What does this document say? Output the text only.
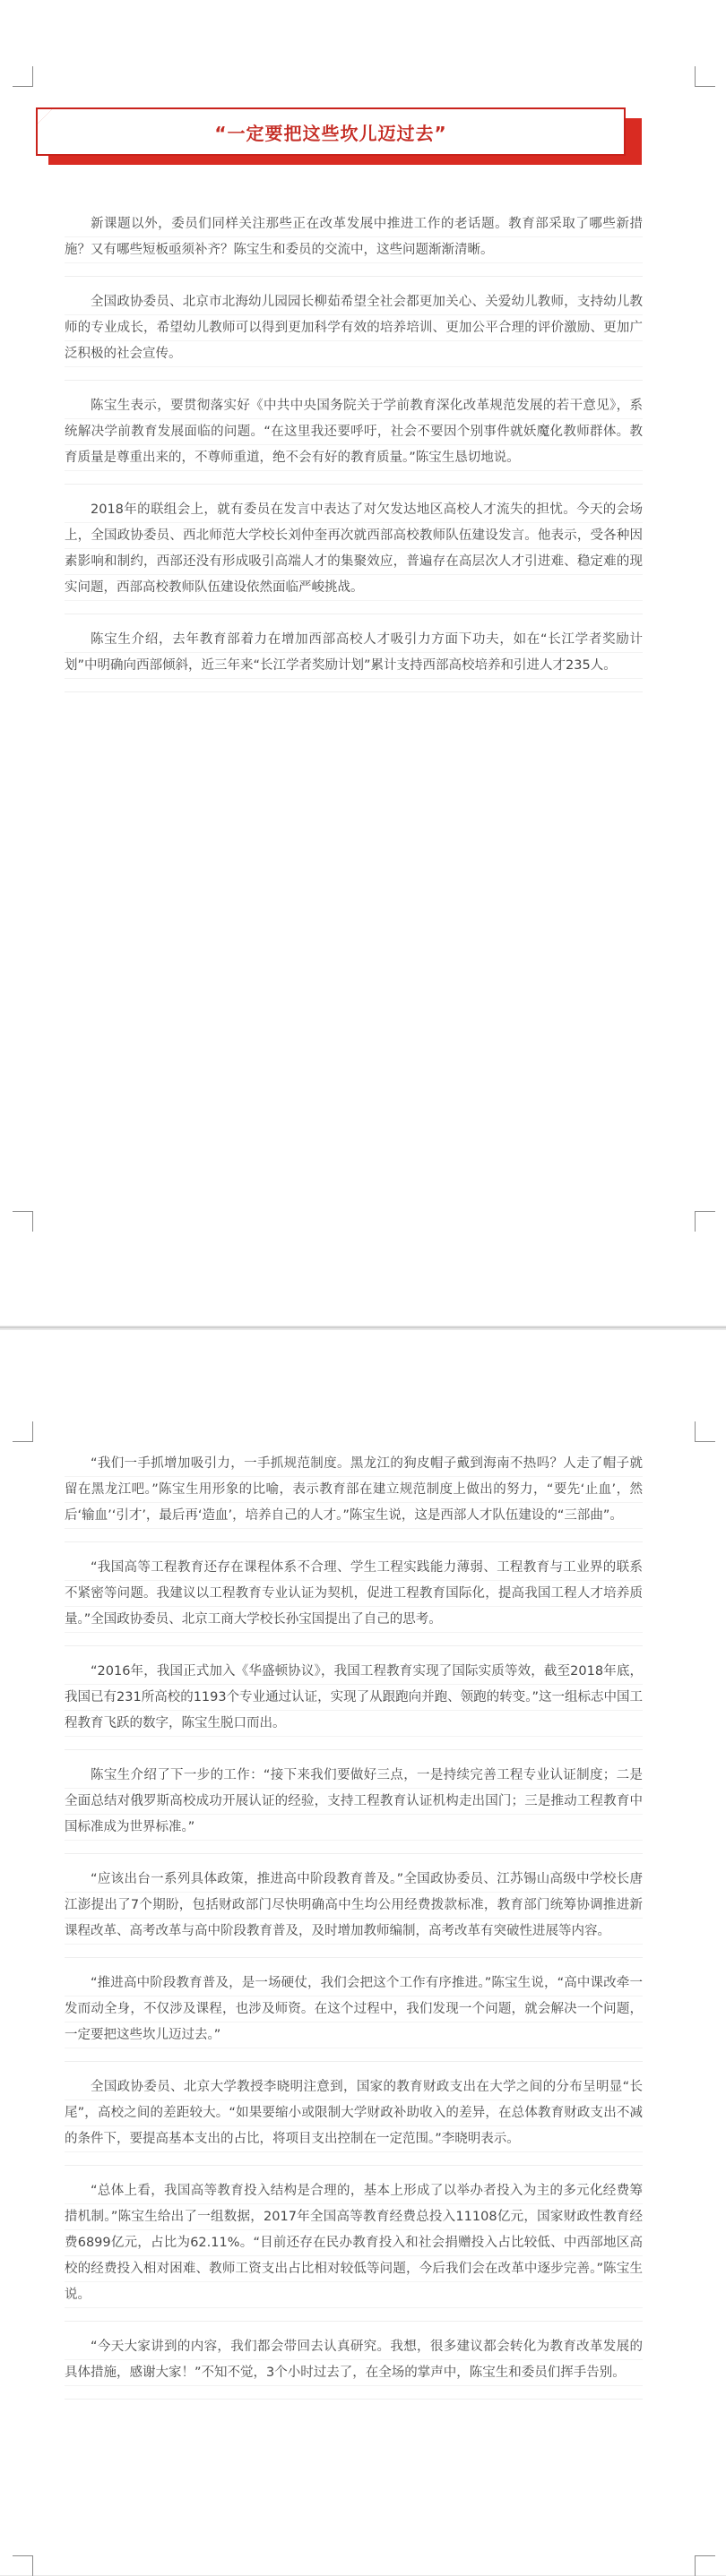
“一定要把这些坎儿迈过去”

新课题以外，委员们同样关注那些正在改革发展中推进工作的老话题。教育部采取了哪些新措施？又有哪些短板亟须补齐？陈宝生和委员的交流中，这些问题渐渐清晰。

全国政协委员、北京市北海幼儿园园长柳茹希望全社会都更加关心、关爱幼儿教师，支持幼儿教师的专业成长，希望幼儿教师可以得到更加科学有效的培养培训、更加公平合理的评价激励、更加广泛积极的社会宣传。

陈宝生表示，要贯彻落实好《中共中央国务院关于学前教育深化改革规范发展的若干意见》，系统解决学前教育发展面临的问题。“在这里我还要呼吁，社会不要因个别事件就妖魔化教师群体。教育质量是尊重出来的，不尊师重道，绝不会有好的教育质量。”陈宝生恳切地说。

2018年的联组会上，就有委员在发言中表达了对欠发达地区高校人才流失的担忧。今天的会场上，全国政协委员、西北师范大学校长刘仲奎再次就西部高校教师队伍建设发言。他表示，受各种因素影响和制约，西部还没有形成吸引高端人才的集聚效应，普遍存在高层次人才引进难、稳定难的现实问题，西部高校教师队伍建设依然面临严峻挑战。

陈宝生介绍，去年教育部着力在增加西部高校人才吸引力方面下功夫，如在“长江学者奖励计划”中明确向西部倾斜，近三年来“长江学者奖励计划”累计支持西部高校培养和引进人才235人。

“我们一手抓增加吸引力，一手抓规范制度。黑龙江的狗皮帽子戴到海南不热吗？人走了帽子就留在黑龙江吧。”陈宝生用形象的比喻，表示教育部在建立规范制度上做出的努力，“要先‘止血’，然后‘输血’‘引才’，最后再‘造血’，培养自己的人才。”陈宝生说，这是西部人才队伍建设的“三部曲”。

“我国高等工程教育还存在课程体系不合理、学生工程实践能力薄弱、工程教育与工业界的联系不紧密等问题。我建议以工程教育专业认证为契机，促进工程教育国际化，提高我国工程人才培养质量。”全国政协委员、北京工商大学校长孙宝国提出了自己的思考。

“2016年，我国正式加入《华盛顿协议》，我国工程教育实现了国际实质等效，截至2018年底，我国已有231所高校的1193个专业通过认证，实现了从跟跑向并跑、领跑的转变。”这一组标志中国工程教育飞跃的数字，陈宝生脱口而出。

陈宝生介绍了下一步的工作：“接下来我们要做好三点，一是持续完善工程专业认证制度；二是全面总结对俄罗斯高校成功开展认证的经验，支持工程教育认证机构走出国门；三是推动工程教育中国标准成为世界标准。”

“应该出台一系列具体政策，推进高中阶段教育普及。”全国政协委员、江苏锡山高级中学校长唐江澎提出了7个期盼，包括财政部门尽快明确高中生均公用经费拨款标准，教育部门统筹协调推进新课程改革、高考改革与高中阶段教育普及，及时增加教师编制，高考改革有突破性进展等内容。

“推进高中阶段教育普及，是一场硬仗，我们会把这个工作有序推进。”陈宝生说，“高中课改牵一发而动全身，不仅涉及课程，也涉及师资。在这个过程中，我们发现一个问题，就会解决一个问题，一定要把这些坎儿迈过去。”

全国政协委员、北京大学教授李晓明注意到，国家的教育财政支出在大学之间的分布呈明显“长尾”，高校之间的差距较大。“如果要缩小或限制大学财政补助收入的差异，在总体教育财政支出不减的条件下，要提高基本支出的占比，将项目支出控制在一定范围。”李晓明表示。

“总体上看，我国高等教育投入结构是合理的，基本上形成了以举办者投入为主的多元化经费筹措机制。”陈宝生给出了一组数据，2017年全国高等教育经费总投入11108亿元，国家财政性教育经费6899亿元，占比为62.11%。“目前还存在民办教育投入和社会捐赠投入占比较低、中西部地区高校的经费投入相对困难、教师工资支出占比相对较低等问题，今后我们会在改革中逐步完善。”陈宝生说。

“今天大家讲到的内容，我们都会带回去认真研究。我想，很多建议都会转化为教育改革发展的具体措施，感谢大家！”不知不觉，3个小时过去了，在全场的掌声中，陈宝生和委员们挥手告别。
